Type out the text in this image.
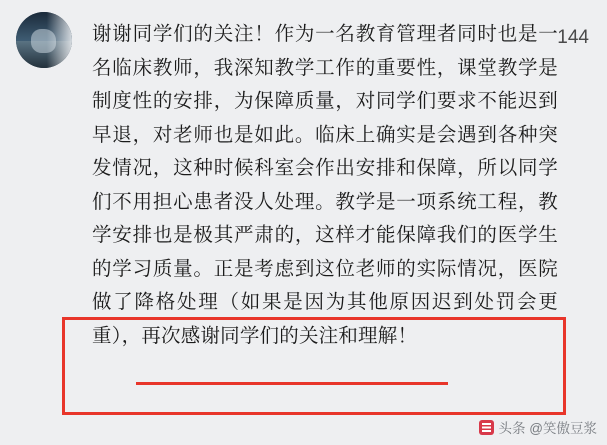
谢谢同学们的关注！作为一名教育管理者同时也是一名临床教师，我深知教学工作的重要性，课堂教学是制度性的安排，为保障质量，对同学们要求不能迟到早退，对老师也是如此。临床上确实是会遇到各种突发情况，这种时候科室会作出安排和保障，所以同学们不用担心患者没人处理。教学是一项系统工程，教学安排也是极其严肃的，这样才能保障我们的医学生的学习质量。正是考虑到这位老师的实际情况，医院做了降格处理（如果是因为其他原因迟到处罚会更重），再次感谢同学们的关注和理解！
144
头条 @笑傲豆浆
